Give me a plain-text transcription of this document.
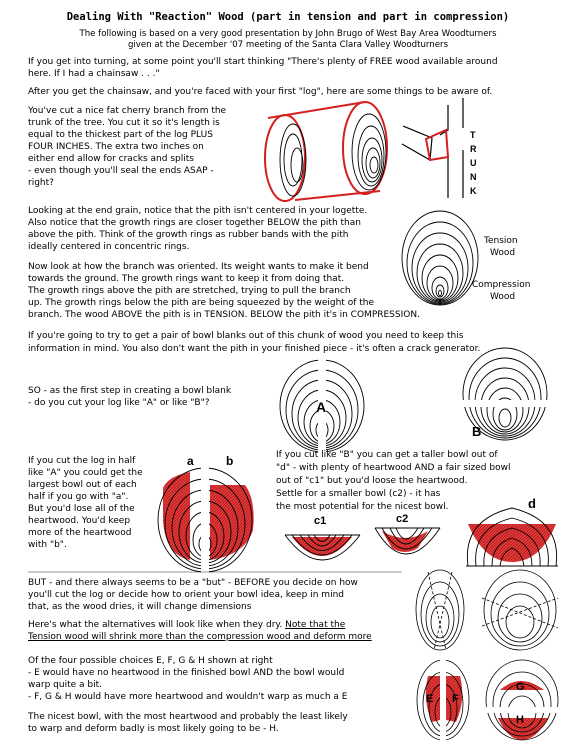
Dealing With "Reaction" Wood (part in tension and part in compression)
The following is based on a very good presentation by John Brugo of West Bay Area Woodturners
given at the December '07 meeting of the Santa Clara Valley Woodturners
If you get into turning, at some point you'll start thinking "There's plenty of FREE wood available around
here. If I had a chainsaw . . ."
After you get the chainsaw, and you're faced with your first "log", here are some things to be aware of.
You've cut a nice fat cherry branch from the
trunk of the tree. You cut it so it's length is
equal to the thickest part of the log PLUS
FOUR INCHES. The extra two inches on
either end allow for cracks and splits
- even though you'll seal the ends ASAP -
right?
T
R
U
N
K
Looking at the end grain, notice that the pith isn't centered in your logette.
Also notice that the growth rings are closer together BELOW the pith than
above the pith. Think of the growth rings as rubber bands with the pith
ideally centered in concentric rings.
Tension
Wood
Compression
Wood
Now look at how the branch was oriented. Its weight wants to make it bend
towards the ground. The growth rings want to keep it from doing that.
The growth rings above the pith are stretched, trying to pull the branch
up. The growth rings below the pith are being squeezed by the weight of the
branch. The wood ABOVE the pith is in TENSION. BELOW the pith it's in COMPRESSION.
If you're going to try to get a pair of bowl blanks out of this chunk of wood you need to keep this
information in mind. You also don't want the pith in your finished piece - it's often a crack generator.
SO - as the first step in creating a bowl blank
- do you cut your log like "A" or like "B"?	A
B
If you cut the log in half
like "A" you could get the
largest bowl out of each
half if you go with "a".
But you'd lose all of the
heartwood. You'd keep
more of the heartwood
with "b".
a	b	If you cut like "B" you can get a taller bowl out of
"d" - with plenty of heartwood AND a fair sized bowl
out of "c1" but you'd loose the heartwood.
Settle for a smaller bowl (c2) - it has
the most potential for the nicest bowl.
c1	c2
d
BUT - and there always seems to be a "but" - BEFORE you decide on how
you'll cut the log or decide how to orient your bowl idea, keep in mind
that, as the wood dries, it will change dimensions
Here's what the alternatives will look like when they dry. Note that the
Tension wood will shrink more than the compression wood and deform more
Of the four possible choices E, F, G & H shown at right
- E would have no heartwood in the finished bowl AND the bowl would
warp quite a bit.
- F, G & H would have more heartwood and wouldn't warp as much a E
The nicest bowl, with the most heartwood and probably the least likely
to warp and deform badly is most likely going to be - H.
E F
G
H
